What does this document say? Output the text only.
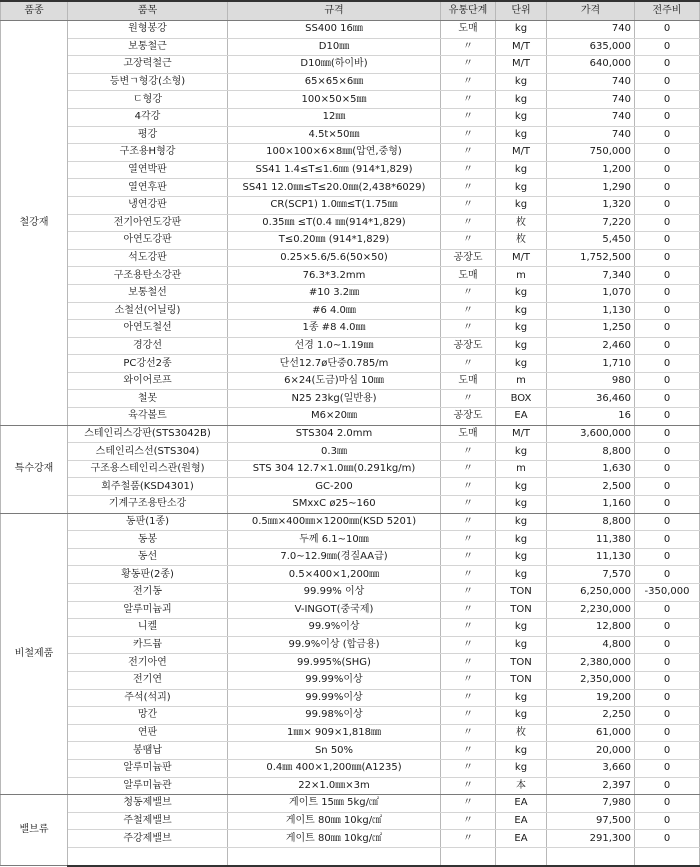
품종	품목	규격	유통단계	단위	가격	전주비
철강재	원형봉강	SS400 16㎜	도매	kg	740	0
	보통철근	D10㎜	〃	M/T	635,000	0
	고장력철근	D10㎜(하이바)	〃	M/T	640,000	0
	등변ㄱ형강(소형)	65×65×6㎜	〃	kg	740	0
	ㄷ형강	100×50×5㎜	〃	kg	740	0
	4각강	12㎜	〃	kg	740	0
	평강	4.5t×50㎜	〃	kg	740	0
	구조용H형강	100×100×6×8㎜(압연,중형)	〃	M/T	750,000	0
	열연박판	SS41 1.4≤T≤1.6㎜ (914*1,829)	〃	kg	1,200	0
	열연후판	SS41 12.0㎜≤T≤20.0㎜(2,438*6029)	〃	kg	1,290	0
	냉연강판	CR(SCP1) 1.0㎜≤T(1.75㎜	〃	kg	1,320	0
	전기아연도강판	0.35㎜ ≤T(0.4 ㎜(914*1,829)	〃	枚	7,220	0
	아연도강판	T≤0.20㎜ (914*1,829)	〃	枚	5,450	0
	석도강판	0.25×5.6/5.6(50×50)	공장도	M/T	1,752,500	0
	구조용탄소강관	76.3*3.2mm	도매	m	7,340	0
	보통철선	#10 3.2㎜	〃	kg	1,070	0
	소철선(어닐링)	#6 4.0㎜	〃	kg	1,130	0
	아연도철선	1종 #8 4.0㎜	〃	kg	1,250	0
	경강선	선경 1.0∼1.19㎜	공장도	kg	2,460	0
	PC강선2종	단선12.7ø단중0.785/m	〃	kg	1,710	0
	와이어로프	6×24(도금)마심 10㎜	도매	m	980	0
	철못	N25 23kg(일반용)	〃	BOX	36,460	0
	육각볼트	M6×20㎜	공장도	EA	16	0
특수강재	스테인리스강판(STS3042B)	STS304 2.0mm	도매	M/T	3,600,000	0
	스테인리스선(STS304)	0.3㎜	〃	kg	8,800	0
	구조용스테인리스관(원형)	STS 304 12.7×1.0㎜(0.291kg/m)	〃	m	1,630	0
	회주철품(KSD4301)	GC-200	〃	kg	2,500	0
	기계구조용탄소강	SMxxC ø25∼160	〃	kg	1,160	0
비철제품	동판(1종)	0.5㎜×400㎜×1200㎜(KSD 5201)	〃	kg	8,800	0
	동봉	두께 6.1∼10㎜	〃	kg	11,380	0
	동선	7.0∼12.9㎜(경질AA급)	〃	kg	11,130	0
	황동판(2종)	0.5×400×1,200㎜	〃	kg	7,570	0
	전기동	99.99% 이상	〃	TON	6,250,000	-350,000
	알루미늄괴	V-INGOT(중국제)	〃	TON	2,230,000	0
	니켈	99.9%이상	〃	kg	12,800	0
	카드뮴	99.9%이상 (합금용)	〃	kg	4,800	0
	전기아연	99.995%(SHG)	〃	TON	2,380,000	0
	전기연	99.99%이상	〃	TON	2,350,000	0
	주석(석괴)	99.99%이상	〃	kg	19,200	0
	망간	99.98%이상	〃	kg	2,250	0
	연판	1㎜× 909×1,818㎜	〃	枚	61,000	0
	봉땜납	Sn 50%	〃	kg	20,000	0
	알루미늄판	0.4㎜ 400×1,200㎜(A1235)	〃	kg	3,660	0
	알루미늄관	22×1.0㎜×3m	〃	本	2,397	0
밸브류	청동제밸브	게이트 15㎜ 5kg/㎠	〃	EA	7,980	0
	주철제밸브	게이트 80㎜ 10kg/㎠	〃	EA	97,500	0
	주강제밸브	게이트 80㎜ 10kg/㎠	〃	EA	291,300	0
